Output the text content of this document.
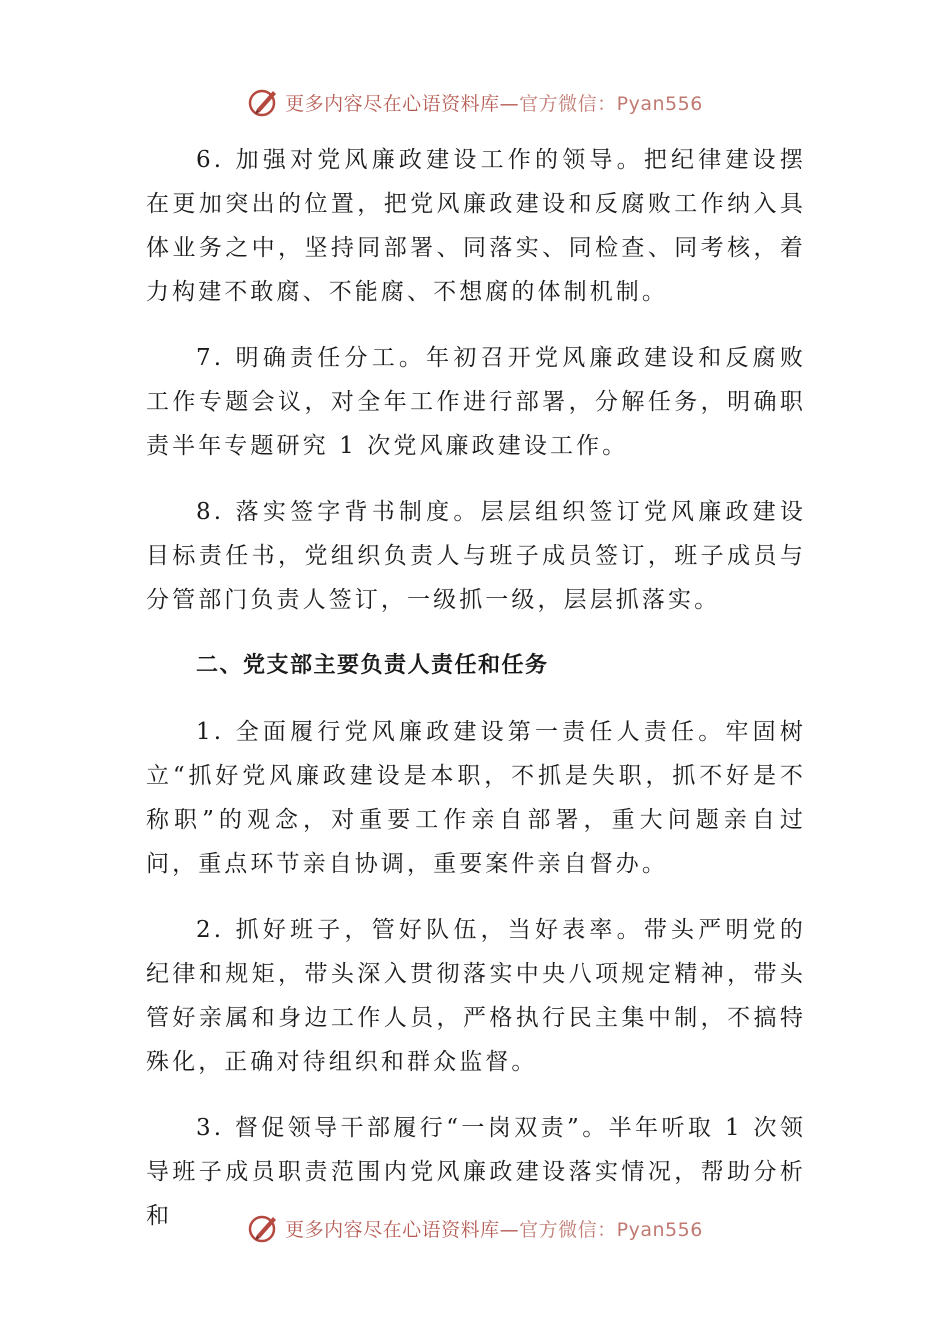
更多内容尽在心语资料库— 官方微信：Pyan556

6. 加强对党风廉政建设工作的领导。把纪律建设摆在更加突出的位置，把党风廉政建设和反腐败工作纳入具体业务之中，坚持同部署、同落实、同检查、同考核，着力构建不敢腐、不能腐、不想腐的体制机制。

7. 明确责任分工。年初召开党风廉政建设和反腐败工作专题会议，对全年工作进行部署，分解任务，明确职责半年专题研究 1 次党风廉政建设工作。

8. 落实签字背书制度。层层组织签订党风廉政建设目标责任书，党组织负责人与班子成员签订，班子成员与分管部门负责人签订，一级抓一级，层层抓落实。

二、党支部主要负责人责任和任务

1. 全面履行党风廉政建设第一责任人责任。牢固树立“抓好党风廉政建设是本职，不抓是失职，抓不好是不称职”的观念，对重要工作亲自部署，重大问题亲自过问，重点环节亲自协调，重要案件亲自督办。

2. 抓好班子，管好队伍，当好表率。带头严明党的纪律和规矩，带头深入贯彻落实中央八项规定精神，带头管好亲属和身边工作人员，严格执行民主集中制，不搞特殊化，正确对待组织和群众监督。

3. 督促领导干部履行“一岗双责”。半年听取 1 次领导班子成员职责范围内党风廉政建设落实情况，帮助分析和

更多内容尽在心语资料库— 官方微信：Pyan556
